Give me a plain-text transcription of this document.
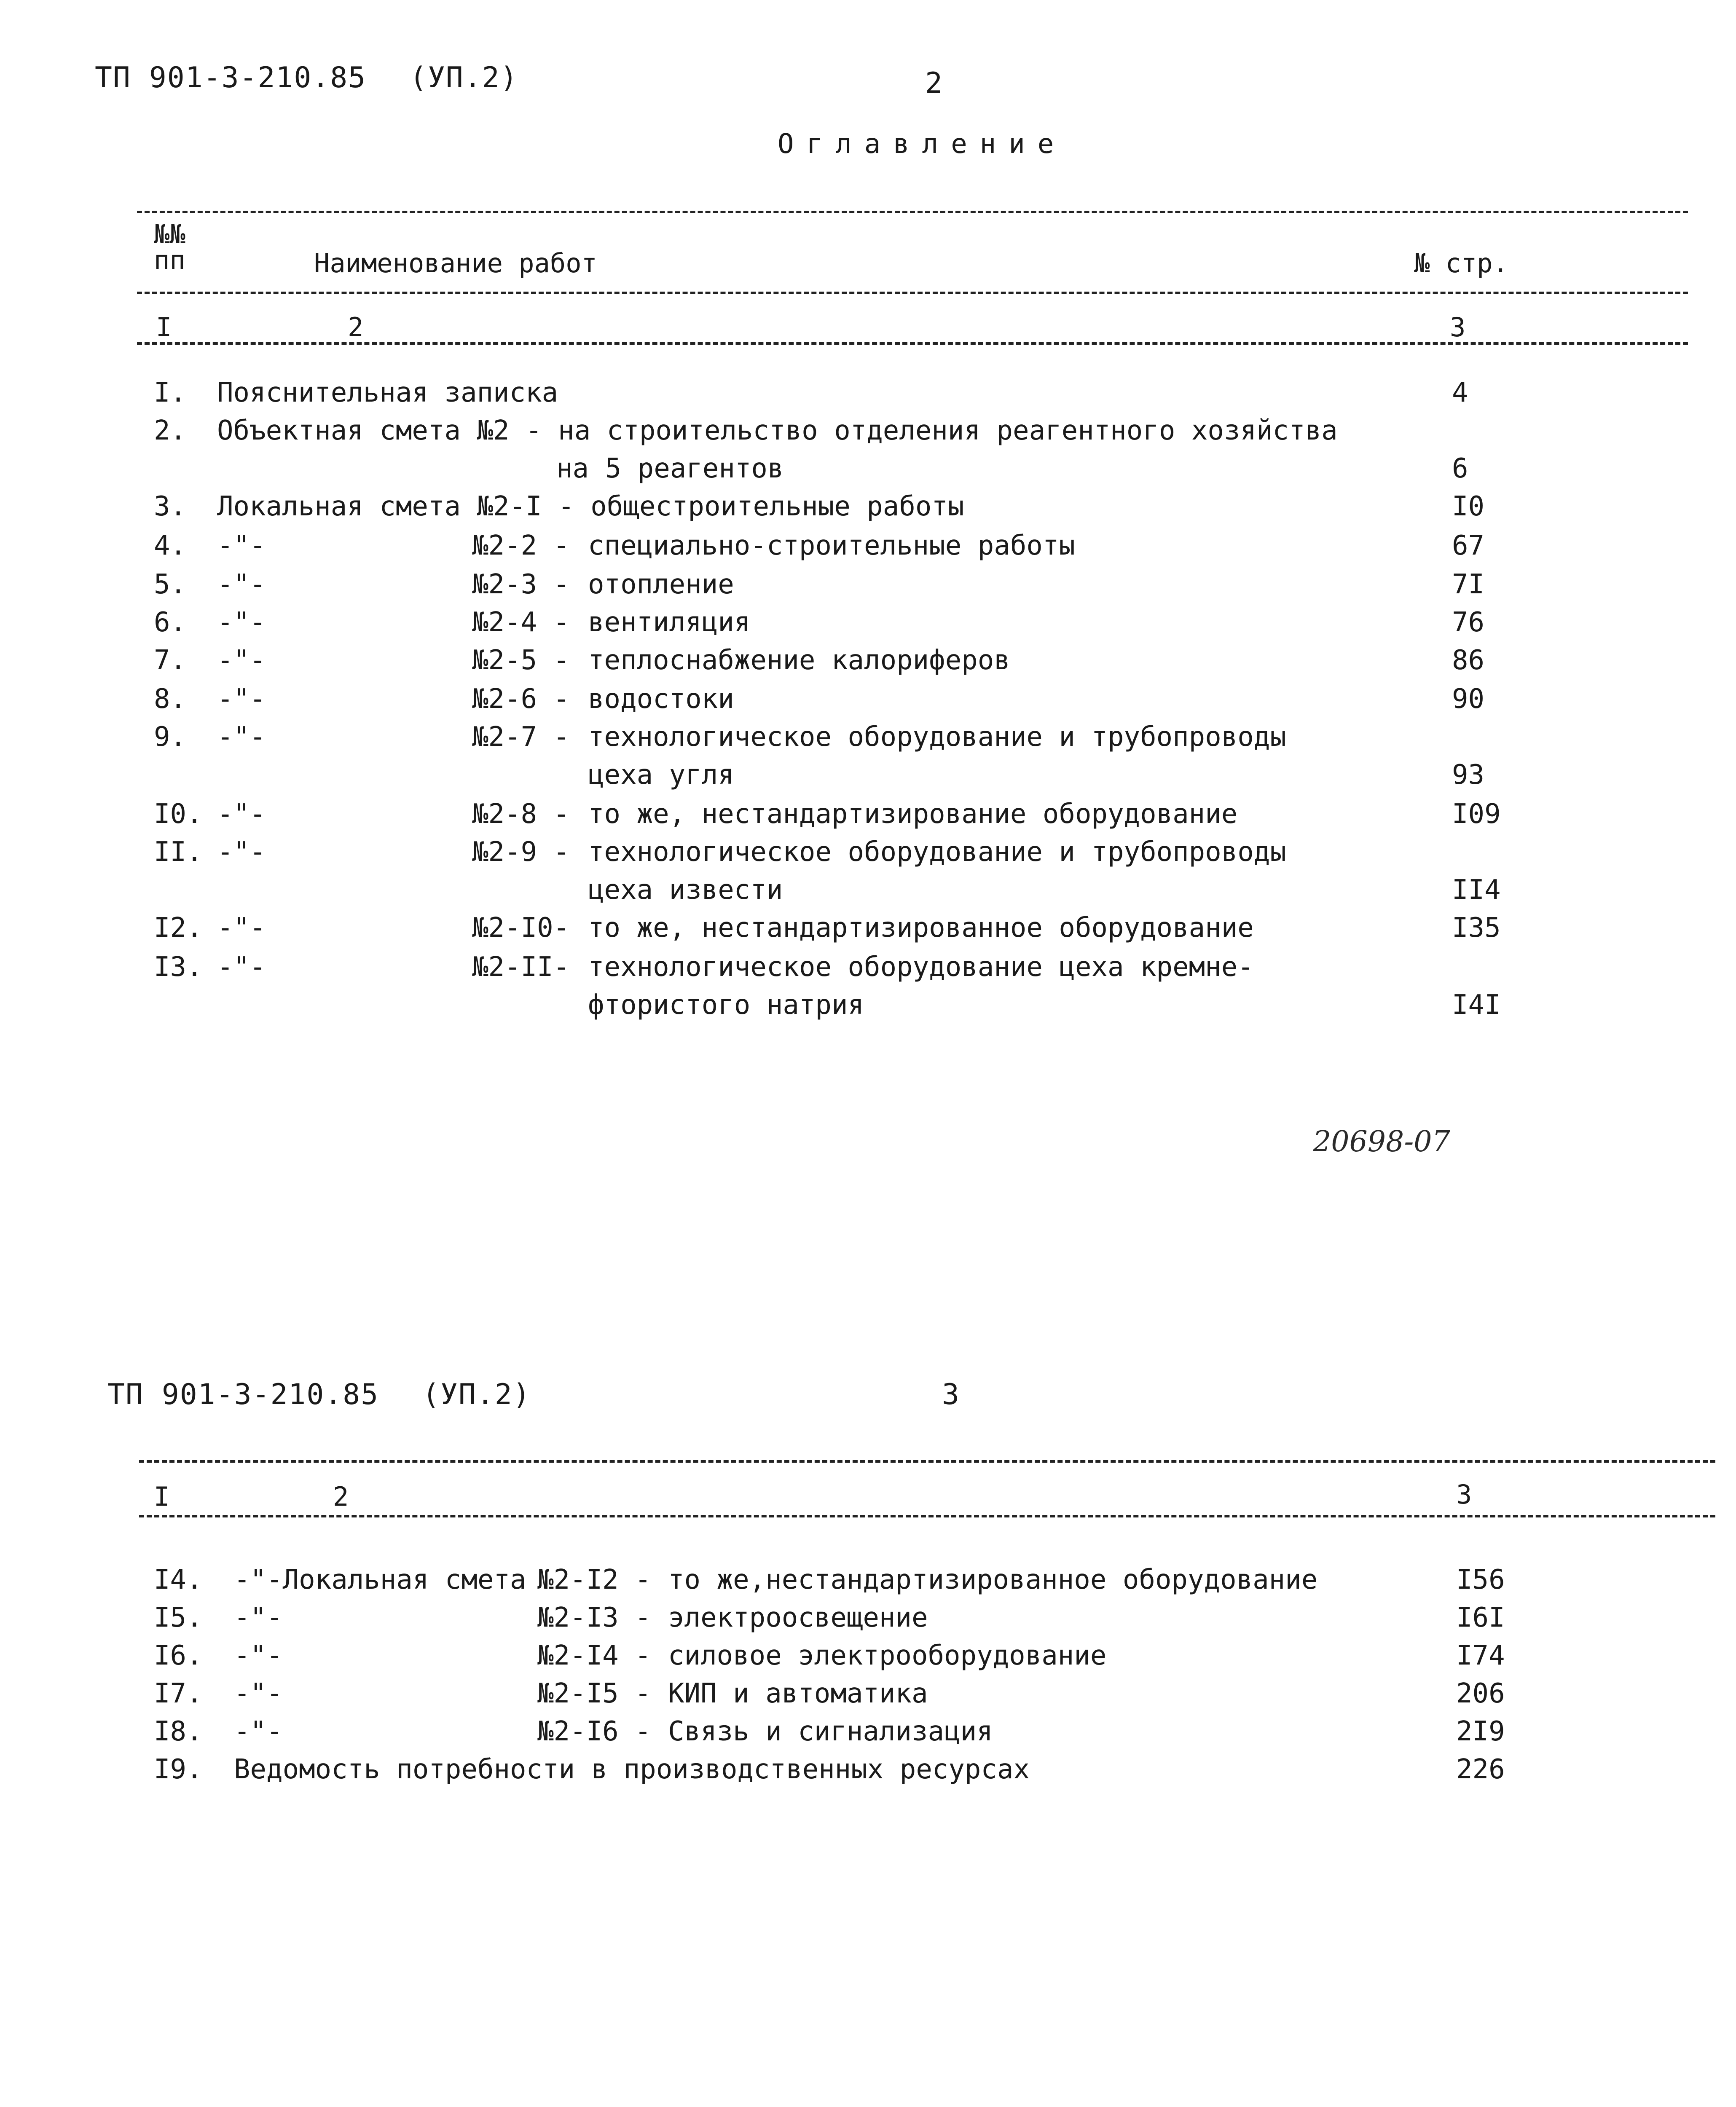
ТП 901-3-210.85 (УП.2)	2
Оглавление
№№
пп	Наименование работ	№ стр.
I	2	3
I. Пояснительная записка	4
2. Объектная смета №2 - на строительство отделения реагентного хозяйства
на 5 реагентов	6
3. Локальная смета №2-I - общестроительные работы	I0
4. -"-	№2-2 - специально-строительные работы	67
5. -"-	№2-3 - отопление	7I
6. -"-	№2-4 - вентиляция	76
7. -"-	№2-5 - теплоснабжение калориферов	86
8. -"-	№2-6 - водостоки	90
9. -"-	№2-7 - технологическое оборудование и трубопроводы
цеха угля	93
I0. -"-	№2-8 - то же, нестандартизирование оборудование	I09
II. -"-	№2-9 - технологическое оборудование и трубопроводы
цеха извести	II4
I2. -"-	№2-I0- то же, нестандартизированное оборудование	I35
I3. -"-	№2-II- технологическое оборудование цеха кремне-
фтористого натрия	I4I
20698-07
ТП 901-3-210.85 (УП.2)	3
I	2	3
I4. -"-Локальная смета №2-I2 - то же,нестандартизированное оборудование	I56
I5. -"-	№2-I3 - электроосвещение	I6I
I6. -"-	№2-I4 - силовое электрооборудование	I74
I7. -"-	№2-I5 - КИП и автоматика	206
I8. -"-	№2-I6 - Связь и сигнализация	2I9
I9. Ведомость потребности в производственных ресурсах	226
